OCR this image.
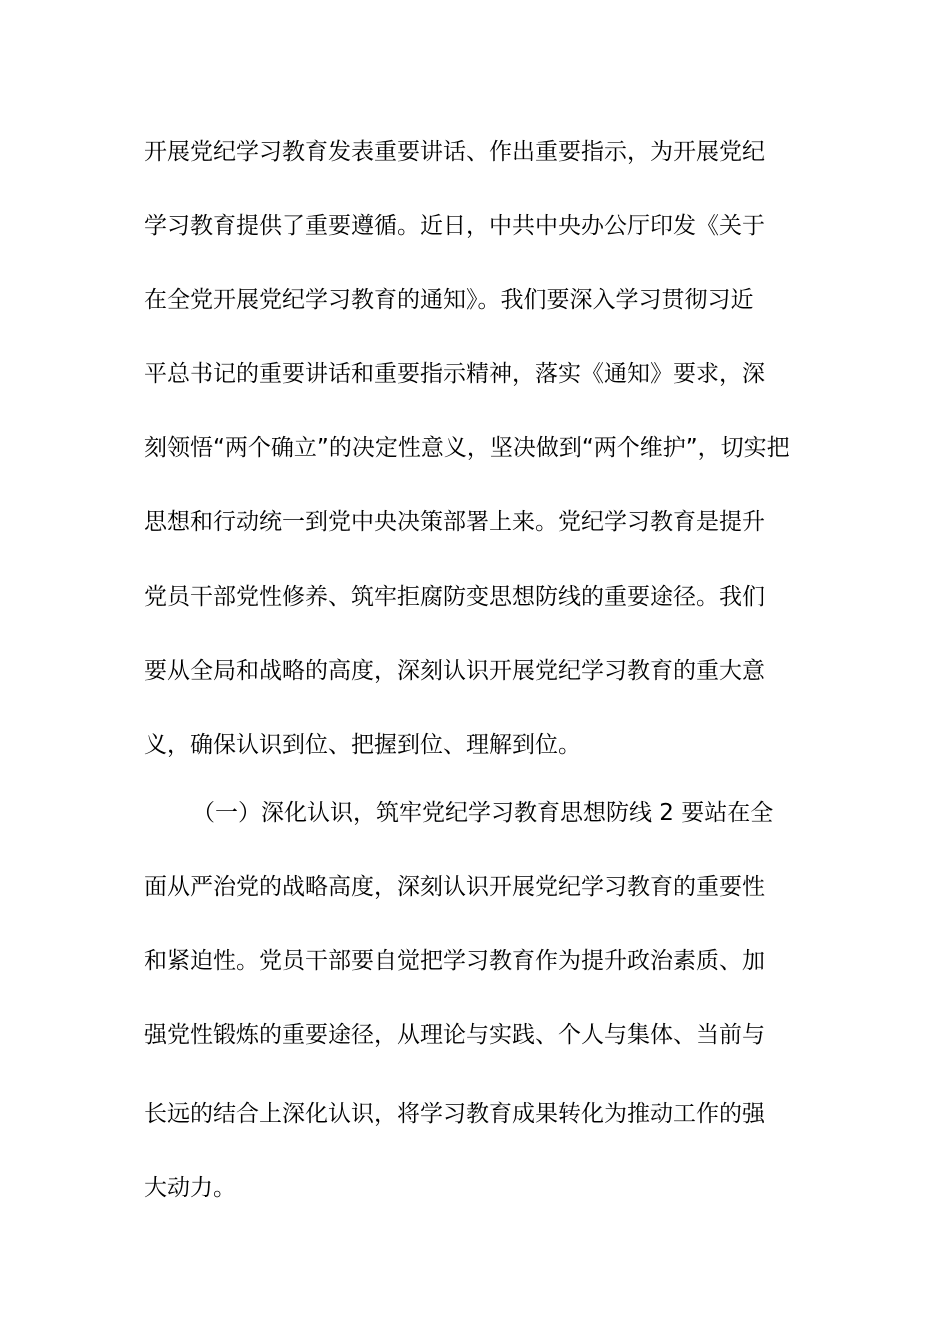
开展党纪学习教育发表重要讲话、作出重要指示，为开展党纪
学习教育提供了重要遵循。近日，中共中央办公厅印发《关于
在全党开展党纪学习教育的通知》。我们要深入学习贯彻习近
平总书记的重要讲话和重要指示精神，落实《通知》要求，深
刻领悟“两个确立”的决定性意义，坚决做到“两个维护”，切实把
思想和行动统一到党中央决策部署上来。党纪学习教育是提升
党员干部党性修养、筑牢拒腐防变思想防线的重要途径。我们
要从全局和战略的高度，深刻认识开展党纪学习教育的重大意
义，确保认识到位、把握到位、理解到位。
（一）深化认识，筑牢党纪学习教育思想防线 2 要站在全
面从严治党的战略高度，深刻认识开展党纪学习教育的重要性
和紧迫性。党员干部要自觉把学习教育作为提升政治素质、加
强党性锻炼的重要途径，从理论与实践、个人与集体、当前与
长远的结合上深化认识，将学习教育成果转化为推动工作的强
大动力。
